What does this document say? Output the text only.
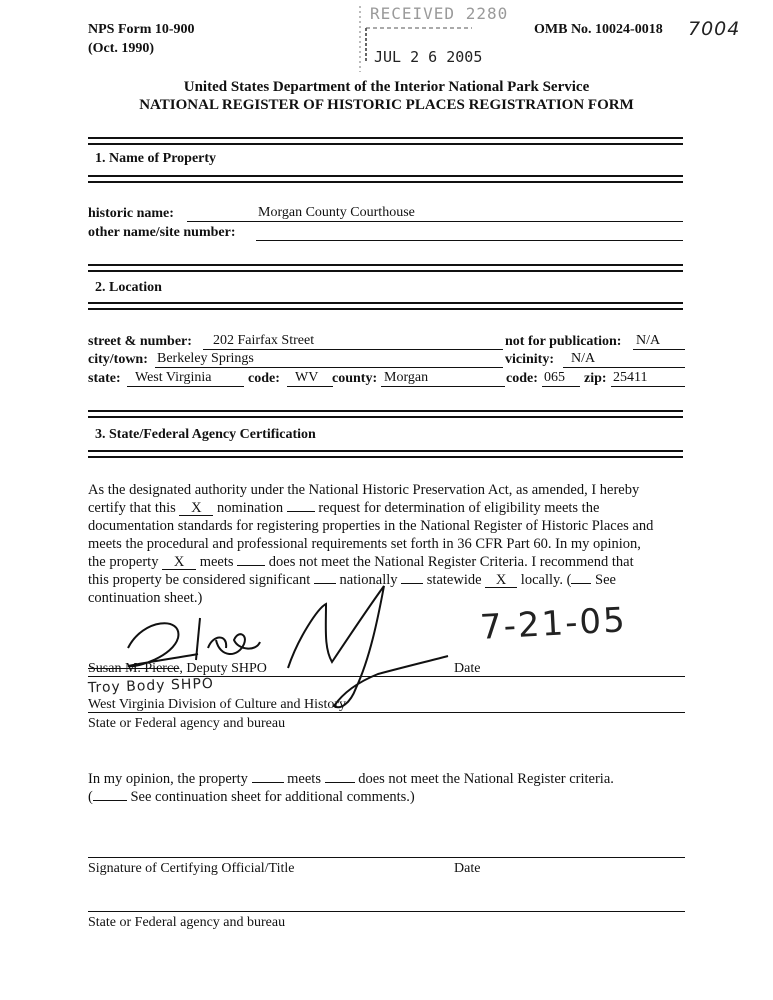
NPS Form 10-900
(Oct. 1990)
OMB No. 10024-0018 7004
RECEIVED 2280
JUL 2 6 2005
United States Department of the Interior National Park Service
NATIONAL REGISTER OF HISTORIC PLACES REGISTRATION FORM
1. Name of Property
historic name:	Morgan County Courthouse
other name/site number:
2. Location
street & number: 202 Fairfax Street	not for publication: N/A
city/town: Berkeley Springs	vicinity: N/A
state: West Virginia	code: WV county: Morgan	code: 065 zip: 25411
3. State/Federal Agency Certification
As the designated authority under the National Historic Preservation Act, as amended, I hereby
certify that this X nomination request for determination of eligibility meets the
documentation standards for registering properties in the National Register of Historic Places and
meets the procedural and professional requirements set forth in 36 CFR Part 60. In my opinion,
the property X meets does not meet the National Register Criteria. I recommend that
this property be considered significant nationally statewide X locally. ( See
continuation sheet.)
7-21-05
Susan M. Pierce, Deputy SHPO	Date
Troy Body SHPO
West Virginia Division of Culture and History
State or Federal agency and bureau
In my opinion, the property	meets	does not meet the National Register criteria.
(	See continuation sheet for additional comments.)
Signature of Certifying Official/Title	Date
State or Federal agency and bureau
